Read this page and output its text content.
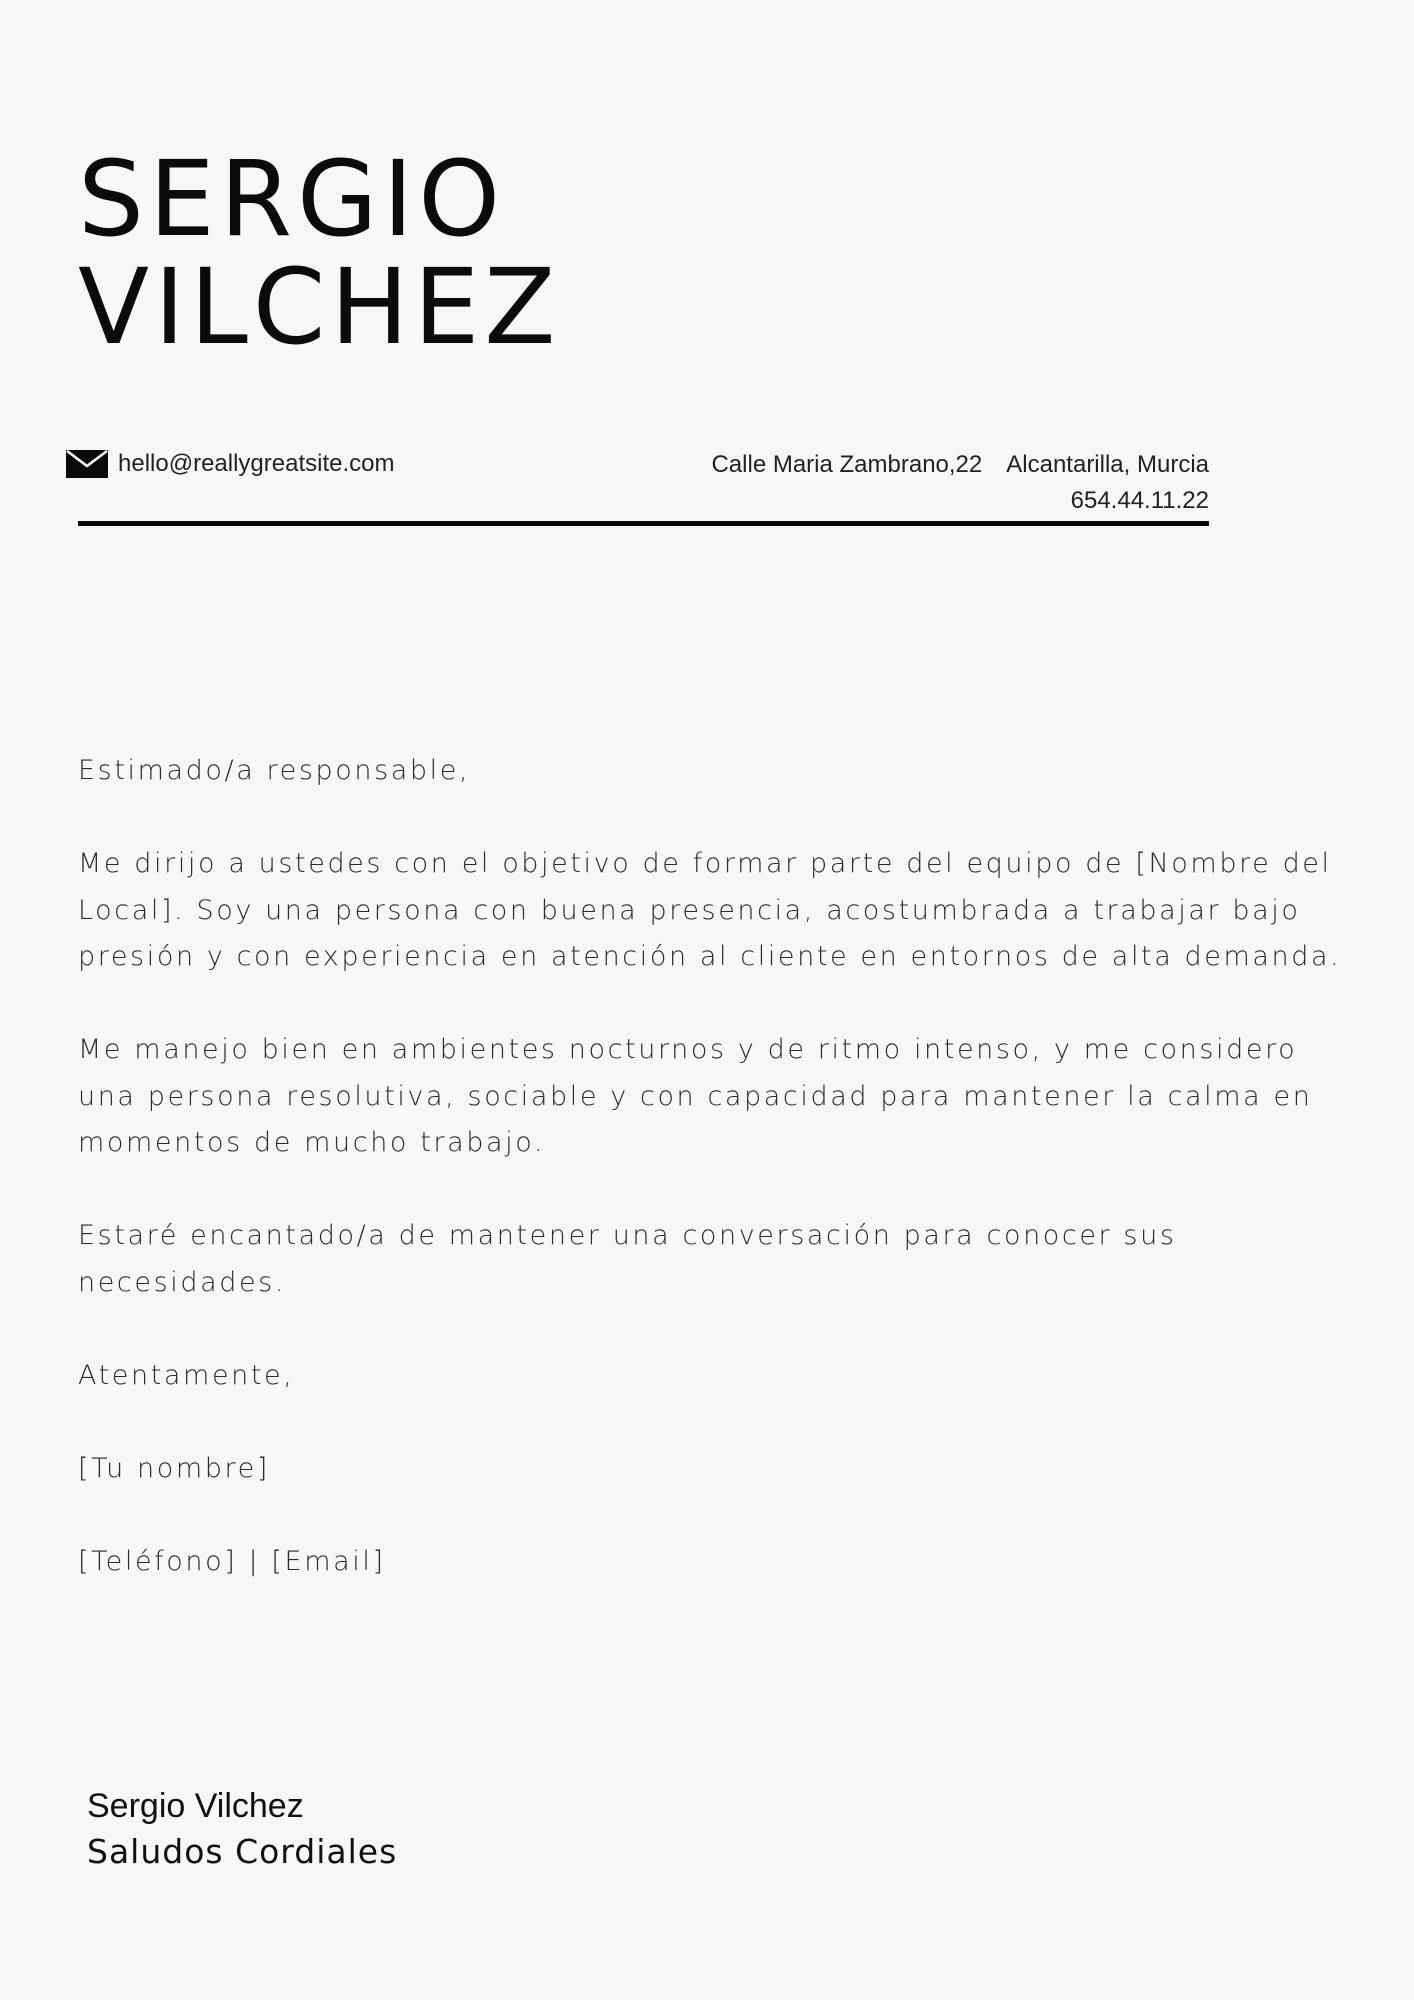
SERGIO
VILCHEZ
hello@reallygreatsite.com	Calle Maria Zambrano,22 Alcantarilla, Murcia
654.44.11.22

Estimado/a responsable,

Me dirijo a ustedes con el objetivo de formar parte del equipo de [Nombre del Local]. Soy una persona con buena presencia, acostumbrada a trabajar bajo presión y con experiencia en atención al cliente en entornos de alta demanda.

Me manejo bien en ambientes nocturnos y de ritmo intenso, y me considero una persona resolutiva, sociable y con capacidad para mantener la calma en momentos de mucho trabajo.

Estaré encantado/a de mantener una conversación para conocer sus necesidades.

Atentamente,

[Tu nombre]

[Teléfono] | [Email]

Sergio Vilchez
Saludos Cordiales
